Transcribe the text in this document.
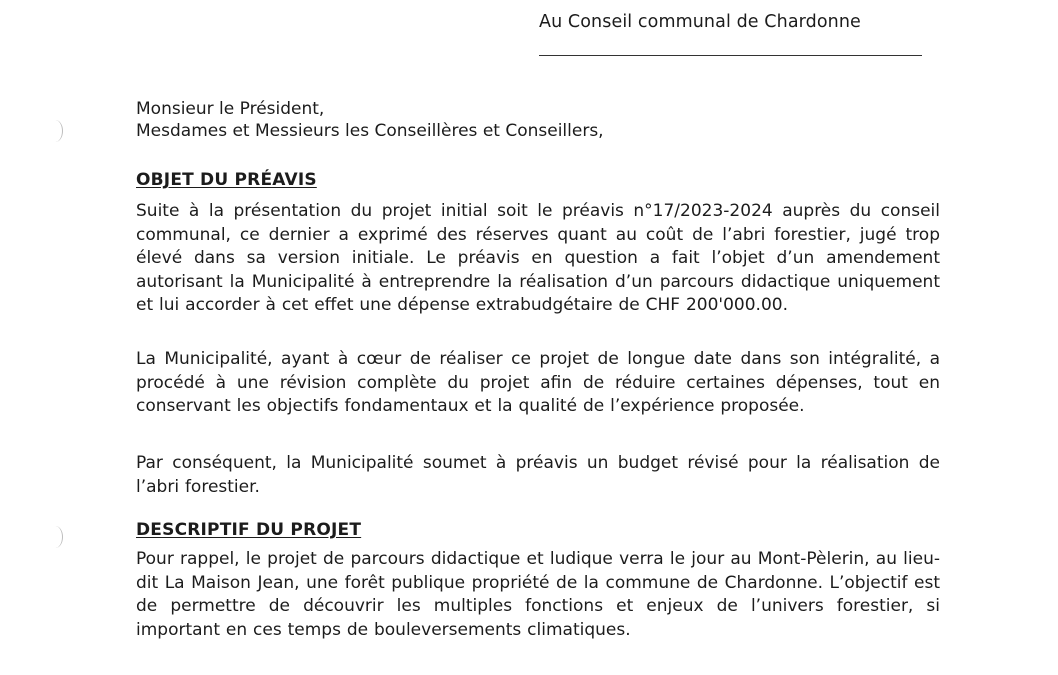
Au Conseil communal de Chardonne
Monsieur le Président,
Mesdames et Messieurs les Conseillères et Conseillers,
OBJET DU PRÉAVIS
Suite à la présentation du projet initial soit le préavis n°17/2023-2024 auprès du conseil communal, ce dernier a exprimé des réserves quant au coût de l’abri forestier, jugé trop élevé dans sa version initiale. Le préavis en question a fait l’objet d’un amendement autorisant la Municipalité à entreprendre la réalisation d’un parcours didactique uniquement et lui accorder à cet effet une dépense extrabudgétaire de CHF 200'000.00.
La Municipalité, ayant à cœur de réaliser ce projet de longue date dans son intégralité, a procédé à une révision complète du projet afin de réduire certaines dépenses, tout en conservant les objectifs fondamentaux et la qualité de l’expérience proposée.
Par conséquent, la Municipalité soumet à préavis un budget révisé pour la réalisation de l’abri forestier.
DESCRIPTIF DU PROJET
Pour rappel, le projet de parcours didactique et ludique verra le jour au Mont-Pèlerin, au lieu-dit La Maison Jean, une forêt publique propriété de la commune de Chardonne. L’objectif est de permettre de découvrir les multiples fonctions et enjeux de l’univers forestier, si important en ces temps de bouleversements climatiques.
